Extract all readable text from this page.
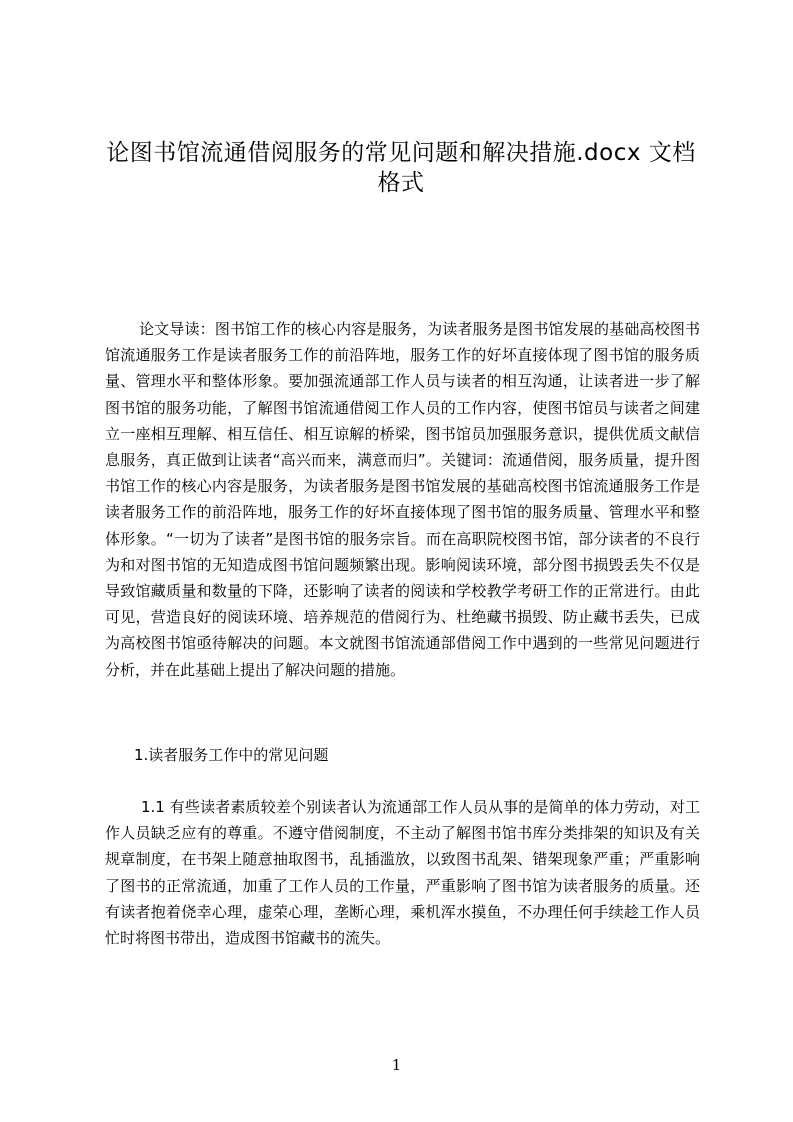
论图书馆流通借阅服务的常见问题和解决措施.docx 文档格式

论文导读：图书馆工作的核心内容是服务，为读者服务是图书馆发展的基础高校图书馆流通服务工作是读者服务工作的前沿阵地，服务工作的好坏直接体现了图书馆的服务质量、管理水平和整体形象。要加强流通部工作人员与读者的相互沟通，让读者进一步了解图书馆的服务功能，了解图书馆流通借阅工作人员的工作内容，使图书馆员与读者之间建立一座相互理解、相互信任、相互谅解的桥梁，图书馆员加强服务意识，提供优质文献信息服务，真正做到让读者“高兴而来，满意而归”。关键词：流通借阅，服务质量，提升图书馆工作的核心内容是服务，为读者服务是图书馆发展的基础高校图书馆流通服务工作是读者服务工作的前沿阵地，服务工作的好坏直接体现了图书馆的服务质量、管理水平和整体形象。“一切为了读者”是图书馆的服务宗旨。而在高职院校图书馆，部分读者的不良行为和对图书馆的无知造成图书馆问题频繁出现。影响阅读环境，部分图书损毁丢失不仅是导致馆藏质量和数量的下降，还影响了读者的阅读和学校教学考研工作的正常进行。由此可见，营造良好的阅读环境、培养规范的借阅行为、杜绝藏书损毁、防止藏书丢失，已成为高校图书馆亟待解决的问题。本文就图书馆流通部借阅工作中遇到的一些常见问题进行分析，并在此基础上提出了解决问题的措施。

1.读者服务工作中的常见问题

1.1 有些读者素质较差个别读者认为流通部工作人员从事的是简单的体力劳动，对工作人员缺乏应有的尊重。不遵守借阅制度，不主动了解图书馆书库分类排架的知识及有关规章制度，在书架上随意抽取图书，乱插滥放，以致图书乱架、错架现象严重；严重影响了图书的正常流通，加重了工作人员的工作量，严重影响了图书馆为读者服务的质量。还有读者抱着侥幸心理，虚荣心理，垄断心理，乘机浑水摸鱼，不办理任何手续趁工作人员忙时将图书带出，造成图书馆藏书的流失。

1
